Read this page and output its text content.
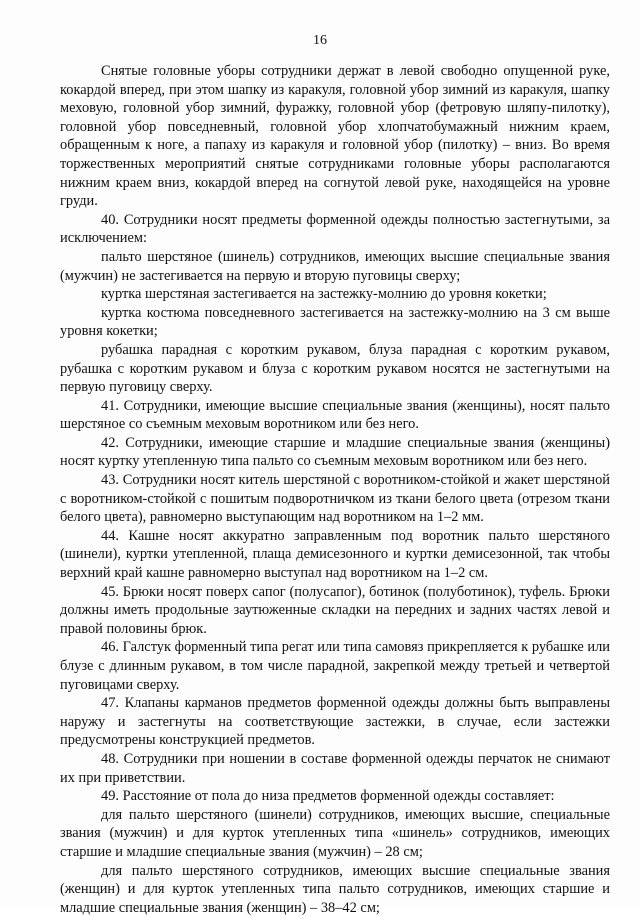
16

Снятые головные уборы сотрудники держат в левой свободно опущенной руке, кокардой вперед, при этом шапку из каракуля, головной убор зимний из каракуля, шапку меховую, головной убор зимний, фуражку, головной убор (фетровую шляпу-пилотку), головной убор повседневный, головной убор хлопчатобумажный нижним краем, обращенным к ноге, а папаху из каракуля и головной убор (пилотку) – вниз. Во время торжественных мероприятий снятые сотрудниками головные уборы располагаются нижним краем вниз, кокардой вперед на согнутой левой руке, находящейся на уровне груди.

40. Сотрудники носят предметы форменной одежды полностью застегнутыми, за исключением:

пальто шерстяное (шинель) сотрудников, имеющих высшие специальные звания (мужчин) не застегивается на первую и вторую пуговицы сверху;

куртка шерстяная застегивается на застежку-молнию до уровня кокетки;

куртка костюма повседневного застегивается на застежку-молнию на 3 см выше уровня кокетки;

рубашка парадная с коротким рукавом, блуза парадная с коротким рукавом, рубашка с коротким рукавом и блуза с коротким рукавом носятся не застегнутыми на первую пуговицу сверху.

41. Сотрудники, имеющие высшие специальные звания (женщины), носят пальто шерстяное со съемным меховым воротником или без него.

42. Сотрудники, имеющие старшие и младшие специальные звания (женщины) носят куртку утепленную типа пальто со съемным меховым воротником или без него.

43. Сотрудники носят китель шерстяной с воротником-стойкой и жакет шерстяной с воротником-стойкой с пошитым подворотничком из ткани белого цвета (отрезом ткани белого цвета), равномерно выступающим над воротником на 1–2 мм.

44. Кашне носят аккуратно заправленным под воротник пальто шерстяного (шинели), куртки утепленной, плаща демисезонного и куртки демисезонной, так чтобы верхний край кашне равномерно выступал над воротником на 1–2 см.

45. Брюки носят поверх сапог (полусапог), ботинок (полуботинок), туфель. Брюки должны иметь продольные заутюженные складки на передних и задних частях левой и правой половины брюк.

46. Галстук форменный типа регат или типа самовяз прикрепляется к рубашке или блузе с длинным рукавом, в том числе парадной, закрепкой между третьей и четвертой пуговицами сверху.

47. Клапаны карманов предметов форменной одежды должны быть выправлены наружу и застегнуты на соответствующие застежки, в случае, если застежки предусмотрены конструкцией предметов.

48. Сотрудники при ношении в составе форменной одежды перчаток не снимают их при приветствии.

49. Расстояние от пола до низа предметов форменной одежды составляет:

для пальто шерстяного (шинели) сотрудников, имеющих высшие, специальные звания (мужчин) и для курток утепленных типа «шинель» сотрудников, имеющих старшие и младшие специальные звания (мужчин) – 28 см;

для пальто шерстяного сотрудников, имеющих высшие специальные звания (женщин) и для курток утепленных типа пальто сотрудников, имеющих старшие и младшие специальные звания (женщин) – 38–42 см;
